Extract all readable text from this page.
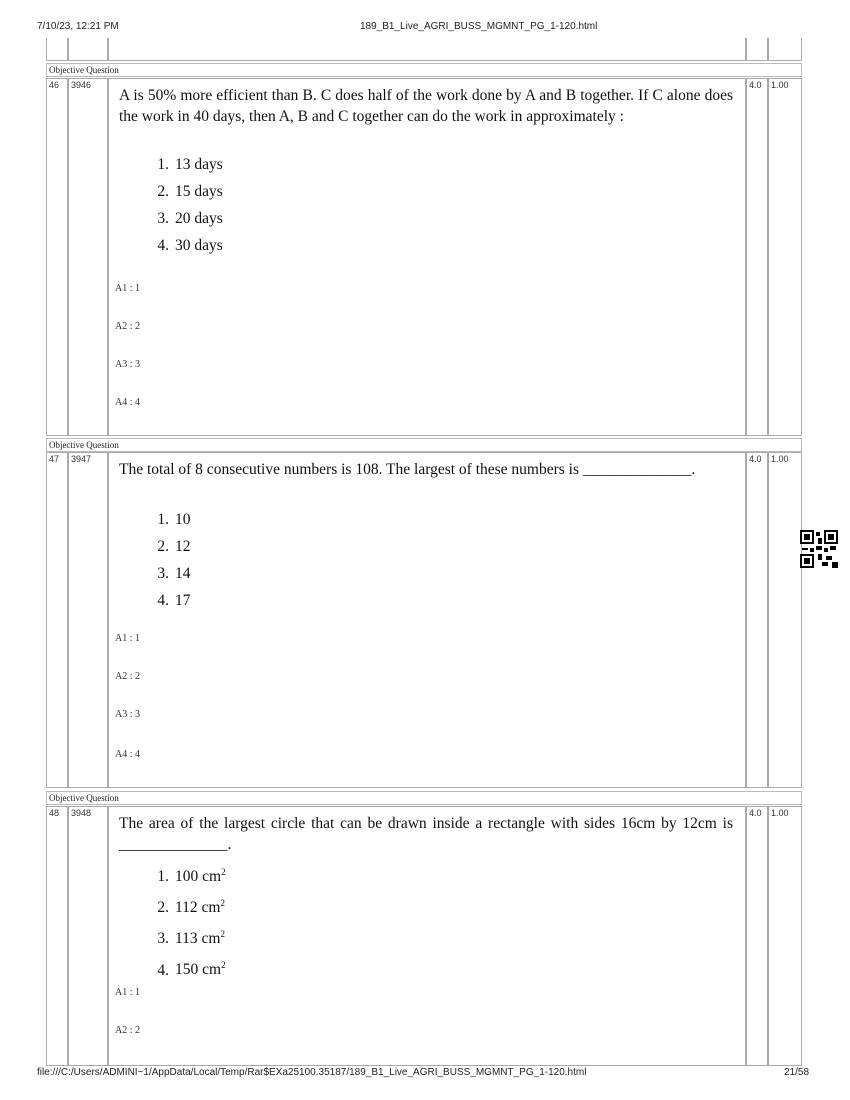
7/10/23, 12:21 PM	189_B1_Live_AGRI_BUSS_MGMNT_PG_1-120.html
Objective Question
46	3946
A is 50% more efficient than B. C does half of the work done by A and B together. If C alone does the work in 40 days, then A, B and C together can do the work in approximately :
1. 13 days
2. 15 days
3. 20 days
4. 30 days
A1 : 1
A2 : 2
A3 : 3
A4 : 4
4.0	1.00
Objective Question
47	3947
The total of 8 consecutive numbers is 108. The largest of these numbers is ______________.
1. 10
2. 12
3. 14
4. 17
A1 : 1
A2 : 2
A3 : 3
A4 : 4
4.0	1.00
Objective Question
48	3948
The area of the largest circle that can be drawn inside a rectangle with sides 16cm by 12cm is ______________.
1. 100 $cm^2$
2. 112 $cm^2$
3. 113 $cm^2$
4. 150 $cm^2$
A1 : 1
A2 : 2
4.0	1.00
file:///C:/Users/ADMINI~1/AppData/Local/Temp/Rar$EXa25100.35187/189_B1_Live_AGRI_BUSS_MGMNT_PG_1-120.html	21/58
